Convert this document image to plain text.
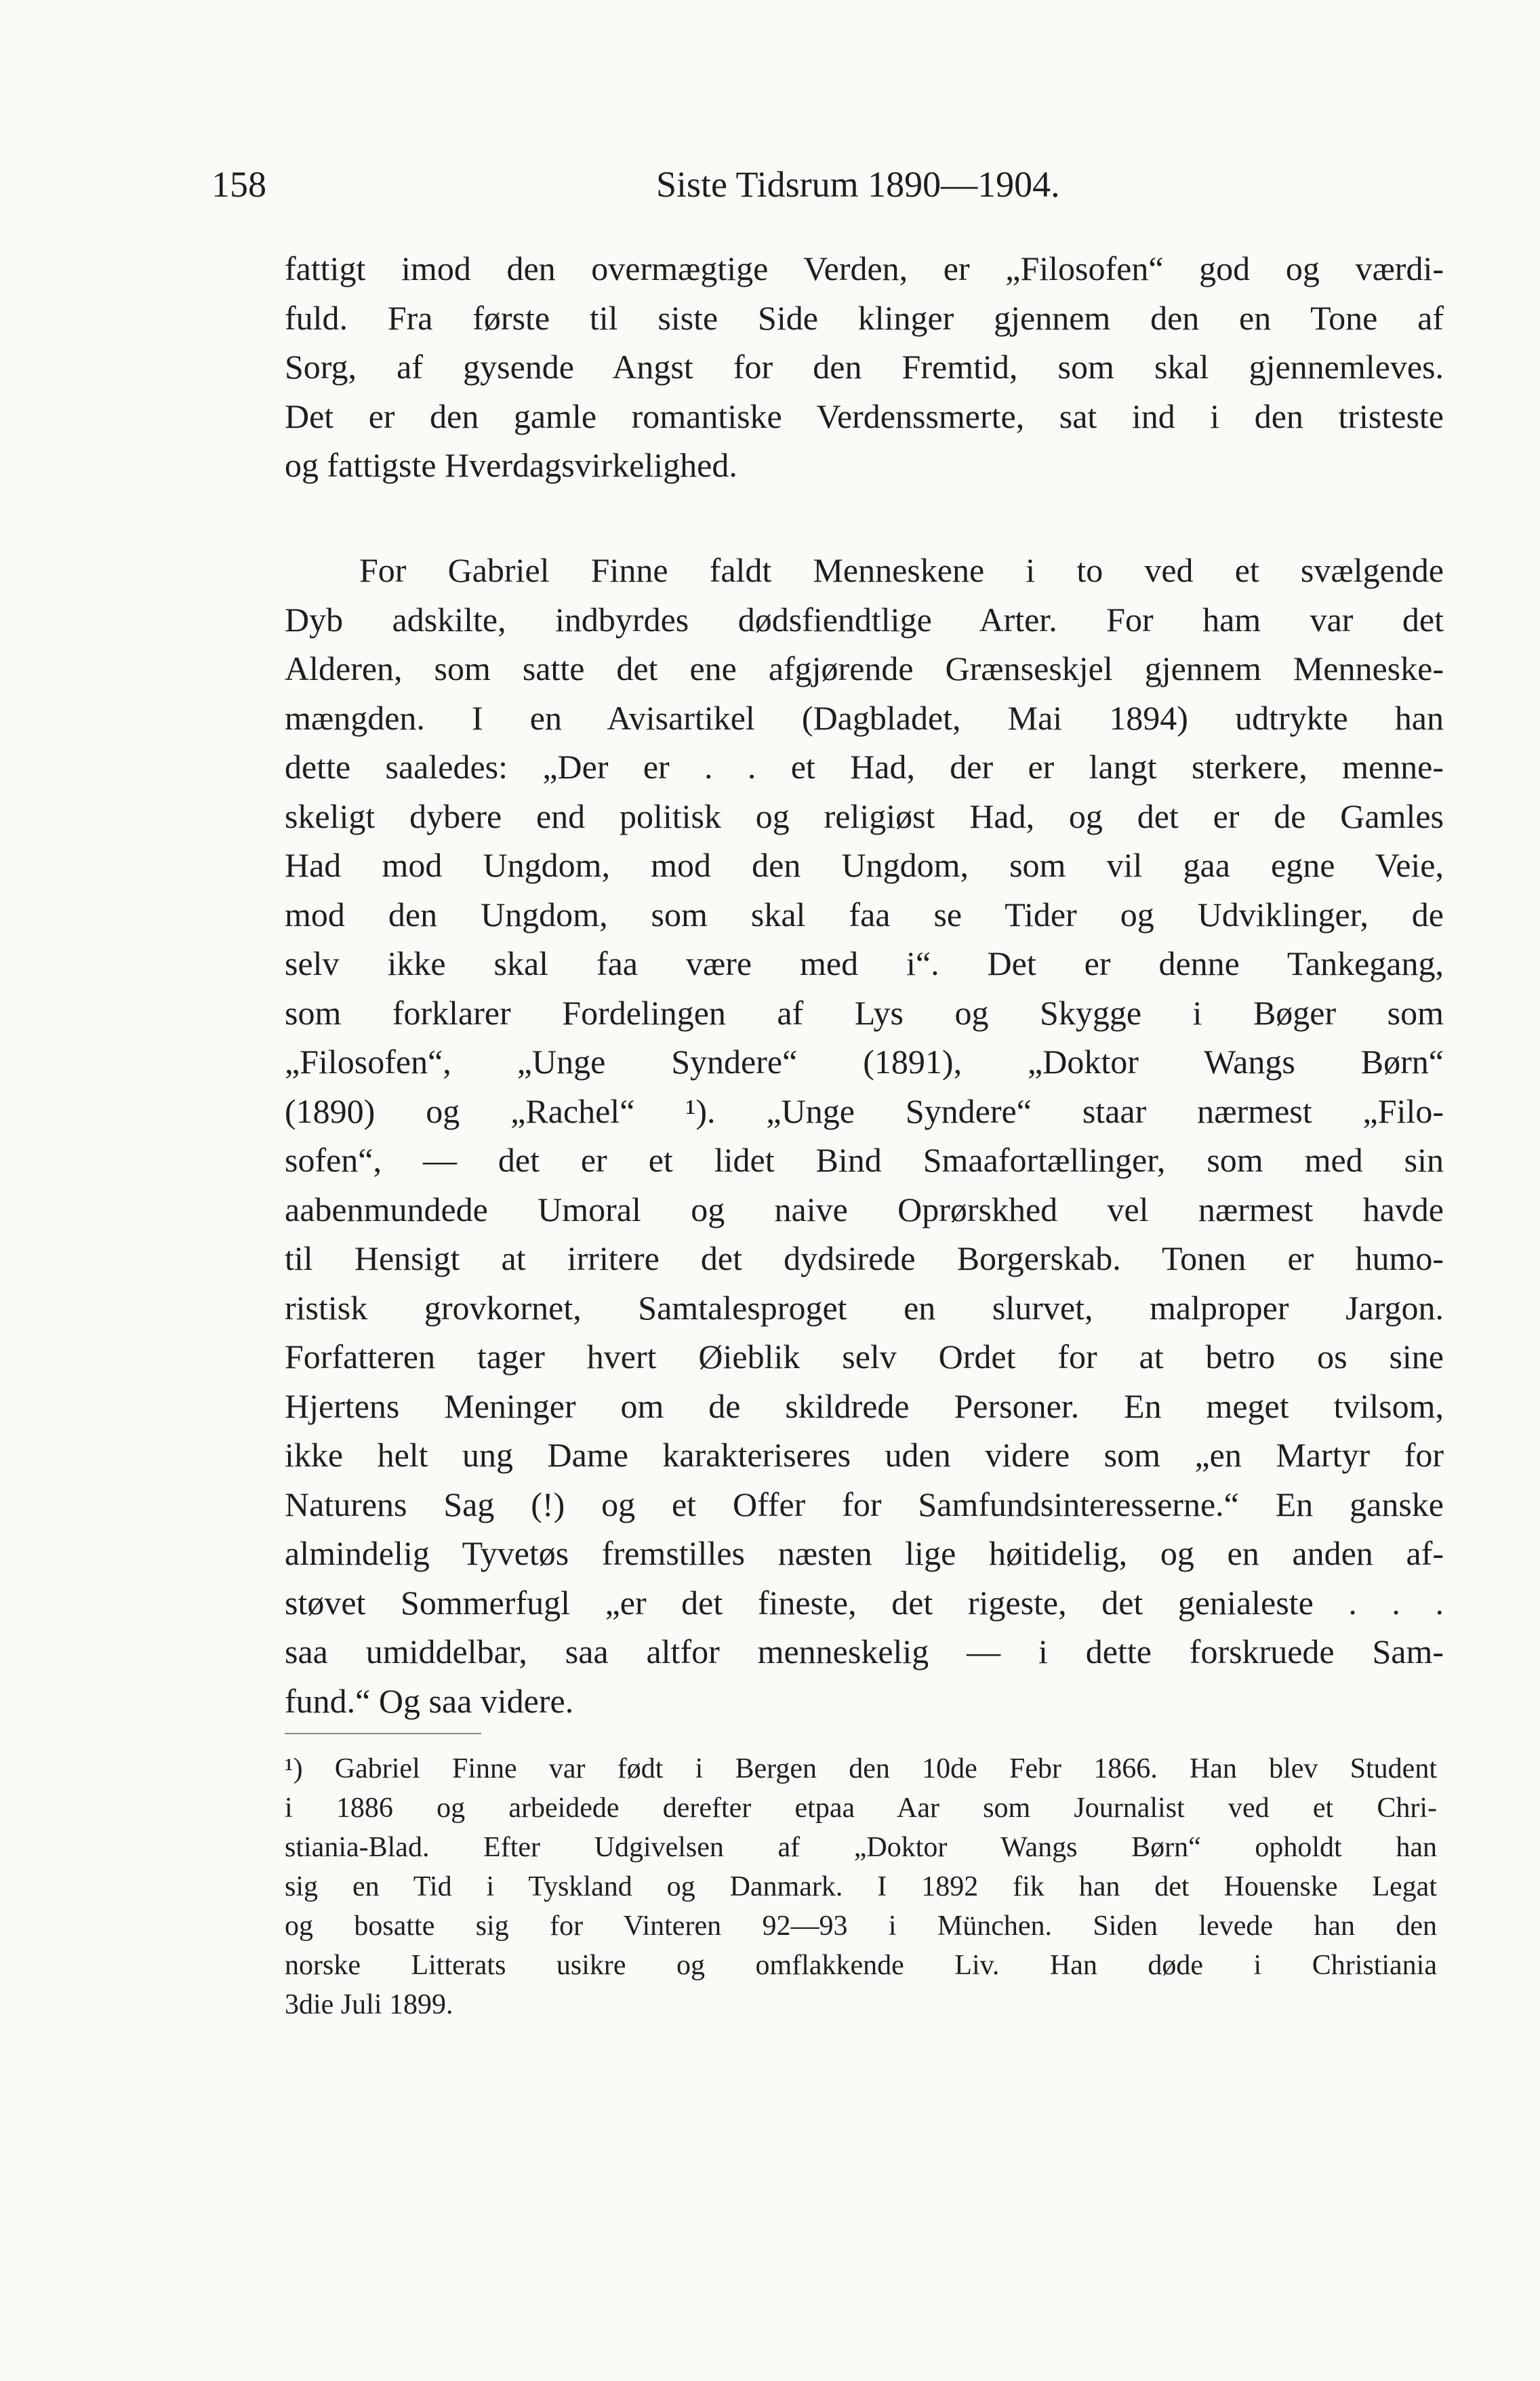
158	Siste Tidsrum 1890—1904.
fattigt imod den overmægtige Verden, er „Filosofen“ god og værdi-
fuld. Fra første til siste Side klinger gjennem den en Tone af
Sorg, af gysende Angst for den Fremtid, som skal gjennemleves.
Det er den gamle romantiske Verdenssmerte, sat ind i den tristeste
og fattigste Hverdagsvirkelighed.
For Gabriel Finne faldt Menneskene i to ved et svælgende
Dyb adskilte, indbyrdes dødsfiendtlige Arter. For ham var det
Alderen, som satte det ene afgjørende Grænseskjel gjennem Menneske-
mængden. I en Avisartikel (Dagbladet, Mai 1894) udtrykte han
dette saaledes: „Der er . . et Had, der er langt sterkere, menne-
skeligt dybere end politisk og religiøst Had, og det er de Gamles
Had mod Ungdom, mod den Ungdom, som vil gaa egne Veie,
mod den Ungdom, som skal faa se Tider og Udviklinger, de
selv ikke skal faa være med i“. Det er denne Tankegang,
som forklarer Fordelingen af Lys og Skygge i Bøger som
„Filosofen“, „Unge Syndere“ (1891), „Doktor Wangs Børn“
(1890) og „Rachel“ ¹). „Unge Syndere“ staar nærmest „Filo-
sofen“, — det er et lidet Bind Smaafortællinger, som med sin
aabenmundede Umoral og naive Oprørskhed vel nærmest havde
til Hensigt at irritere det dydsirede Borgerskab. Tonen er humo-
ristisk grovkornet, Samtalesproget en slurvet, malproper Jargon.
Forfatteren tager hvert Øieblik selv Ordet for at betro os sine
Hjertens Meninger om de skildrede Personer. En meget tvilsom,
ikke helt ung Dame karakteriseres uden videre som „en Martyr for
Naturens Sag (!) og et Offer for Samfundsinteresserne.“ En ganske
almindelig Tyvetøs fremstilles næsten lige høitidelig, og en anden af-
støvet Sommerfugl „er det fineste, det rigeste, det genialeste . . .
saa umiddelbar, saa altfor menneskelig — i dette forskruede Sam-
fund.“ Og saa videre.
¹) Gabriel Finne var født i Bergen den 10de Febr 1866. Han blev Student
i 1886 og arbeidede derefter etpaa Aar som Journalist ved et Chri-
stiania-Blad. Efter Udgivelsen af „Doktor Wangs Børn“ opholdt han
sig en Tid i Tyskland og Danmark. I 1892 fik han det Houenske Legat
og bosatte sig for Vinteren 92—93 i München. Siden levede han den
norske Litterats usikre og omflakkende Liv. Han døde i Christiania
3die Juli 1899.
